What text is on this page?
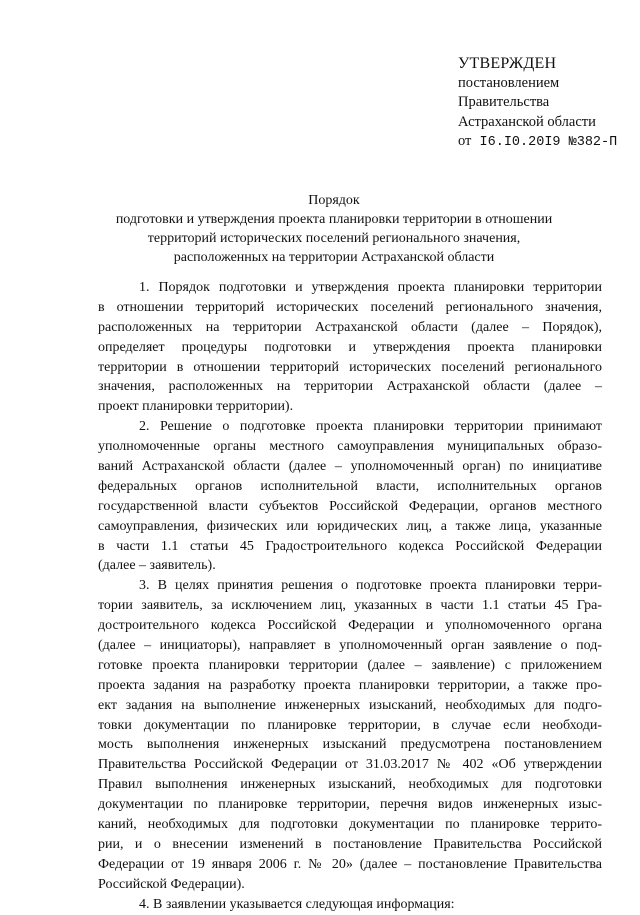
УТВЕРЖДЕН
постановлением
Правительства
Астраханской области
от I6.I0.20I9 №382-П
Порядок
подготовки и утверждения проекта планировки территории в отношении
территорий исторических поселений регионального значения,
расположенных на территории Астраханской области
1. Порядок подготовки и утверждения проекта планировки территории
в отношении территорий исторических поселений регионального значения,
расположенных на территории Астраханской области (далее – Порядок),
определяет процедуры подготовки и утверждения проекта планировки
территории в отношении территорий исторических поселений регионального
значения, расположенных на территории Астраханской области (далее –
проект планировки территории).
2. Решение о подготовке проекта планировки территории принимают
уполномоченные органы местного самоуправления муниципальных образо-
ваний Астраханской области (далее – уполномоченный орган) по инициативе
федеральных органов исполнительной власти, исполнительных органов
государственной власти субъектов Российской Федерации, органов местного
самоуправления, физических или юридических лиц, а также лица, указанные
в части 1.1 статьи 45 Градостроительного кодекса Российской Федерации
(далее – заявитель).
3. В целях принятия решения о подготовке проекта планировки терри-
тории заявитель, за исключением лиц, указанных в части 1.1 статьи 45 Гра-
достроительного кодекса Российской Федерации и уполномоченного органа
(далее – инициаторы), направляет в уполномоченный орган заявление о под-
готовке проекта планировки территории (далее – заявление) с приложением
проекта задания на разработку проекта планировки территории, а также про-
ект задания на выполнение инженерных изысканий, необходимых для подго-
товки документации по планировке территории, в случае если необходи-
мость выполнения инженерных изысканий предусмотрена постановлением
Правительства Российской Федерации от 31.03.2017 № 402 «Об утверждении
Правил выполнения инженерных изысканий, необходимых для подготовки
документации по планировке территории, перечня видов инженерных изыс-
каний, необходимых для подготовки документации по планировке террито-
рии, и о внесении изменений в постановление Правительства Российской
Федерации от 19 января 2006 г. № 20» (далее – постановление Правительства
Российской Федерации).
4. В заявлении указывается следующая информация:
